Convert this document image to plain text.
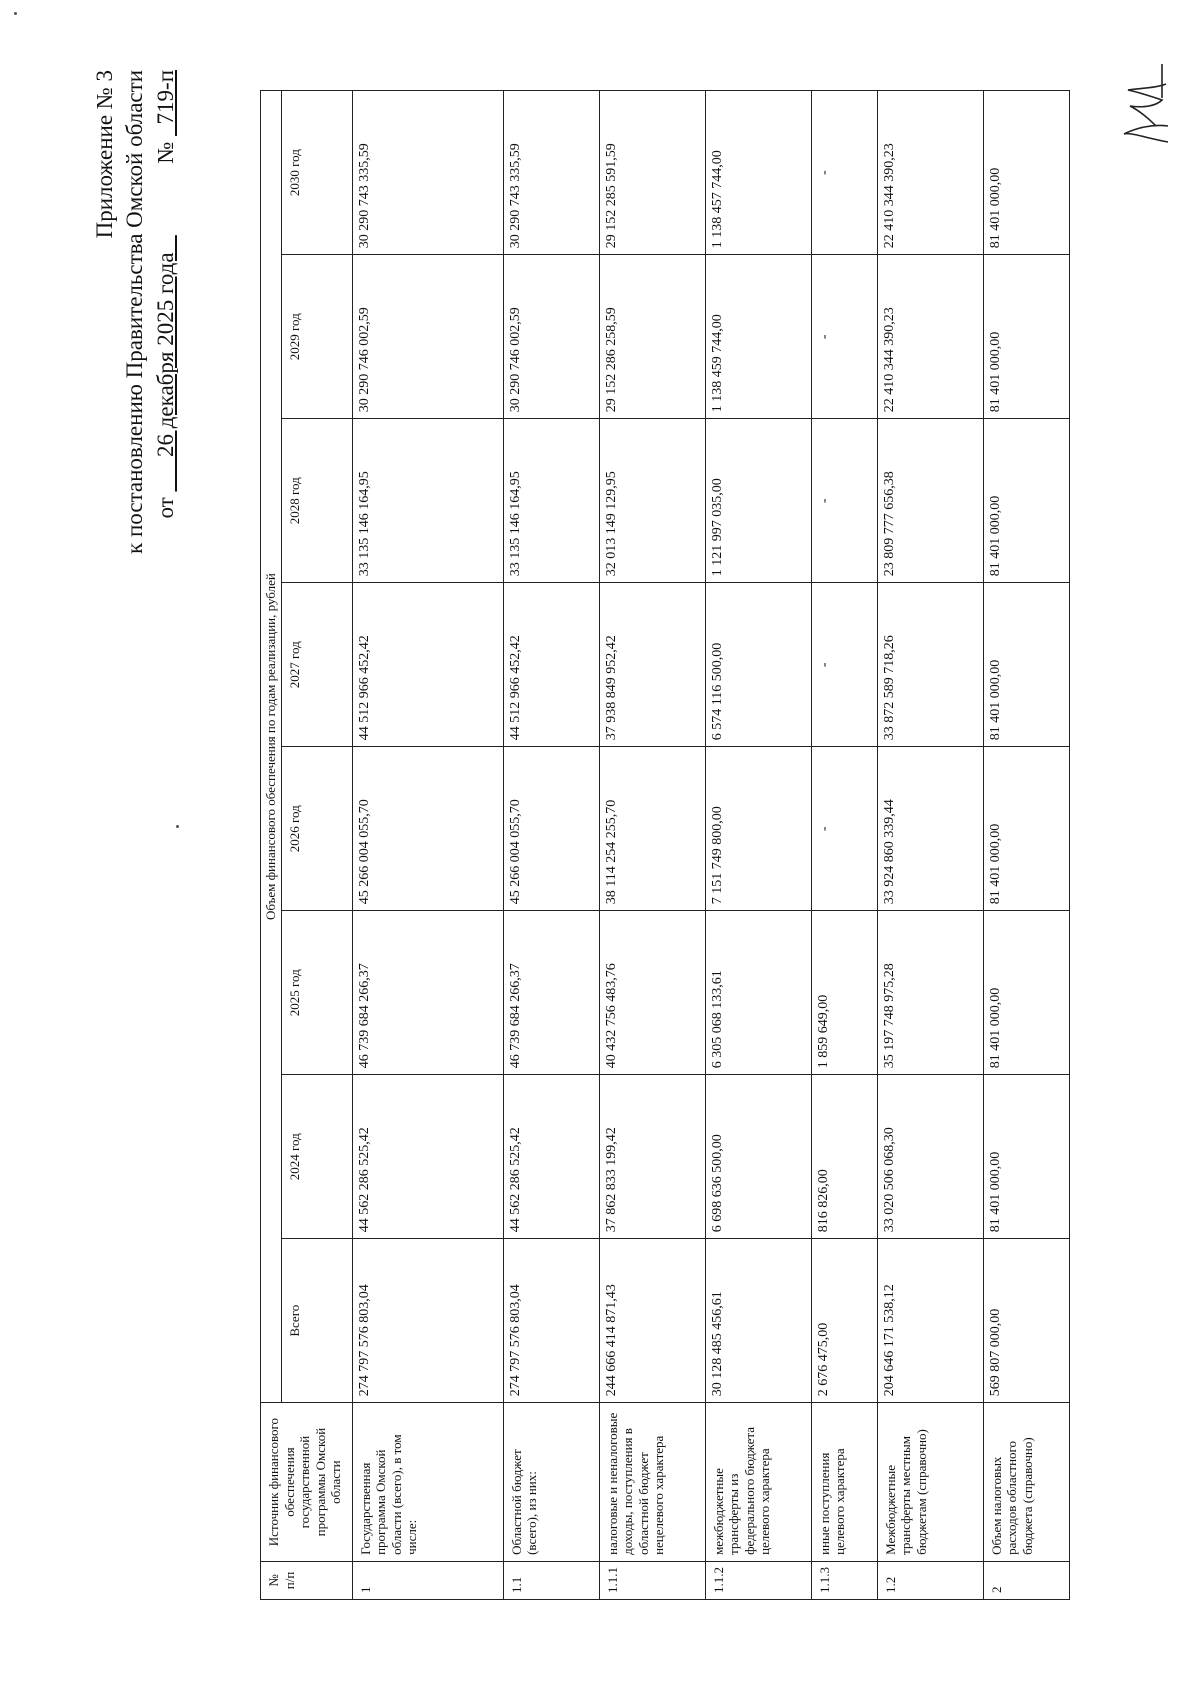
Приложение № 3 к постановлению Правительства Омской области от       26 декабря 2025 года     №   719-п
№ п/п	Источник финансового обеспечения государственной программы Омской области	Объем финансового обеспечения по годам реализации, рублей							
		Всего	2024 год	2025 год	2026 год	2027 год	2028 год	2029 год	2030 год
1	Государственная программа Омской области (всего), в том числе:	274 797 576 803,04	44 562 286 525,42	46 739 684 266,37	45 266 004 055,70	44 512 966 452,42	33 135 146 164,95	30 290 746 002,59	30 290 743 335,59
1.1	Областной бюджет (всего), из них:	274 797 576 803,04	44 562 286 525,42	46 739 684 266,37	45 266 004 055,70	44 512 966 452,42	33 135 146 164,95	30 290 746 002,59	30 290 743 335,59
1.1.1	налоговые и неналоговые доходы, поступления в областной бюджет нецелевого характера	244 666 414 871,43	37 862 833 199,42	40 432 756 483,76	38 114 254 255,70	37 938 849 952,42	32 013 149 129,95	29 152 286 258,59	29 152 285 591,59
1.1.2	межбюджетные трансферты из федерального бюджета целевого характера	30 128 485 456,61	6 698 636 500,00	6 305 068 133,61	7 151 749 800,00	6 574 116 500,00	1 121 997 035,00	1 138 459 744,00	1 138 457 744,00
1.1.3	иные поступления целевого характера	2 676 475,00	816 826,00	1 859 649,00	-	-	-	-	-
1.2	Межбюджетные трансферты местным бюджетам (справочно)	204 646 171 538,12	33 020 506 068,30	35 197 748 975,28	33 924 860 339,44	33 872 589 718,26	23 809 777 656,38	22 410 344 390,23	22 410 344 390,23
2	Объем налоговых расходов областного бюджета (справочно)	569 807 000,00	81 401 000,00	81 401 000,00	81 401 000,00	81 401 000,00	81 401 000,00	81 401 000,00	81 401 000,00
